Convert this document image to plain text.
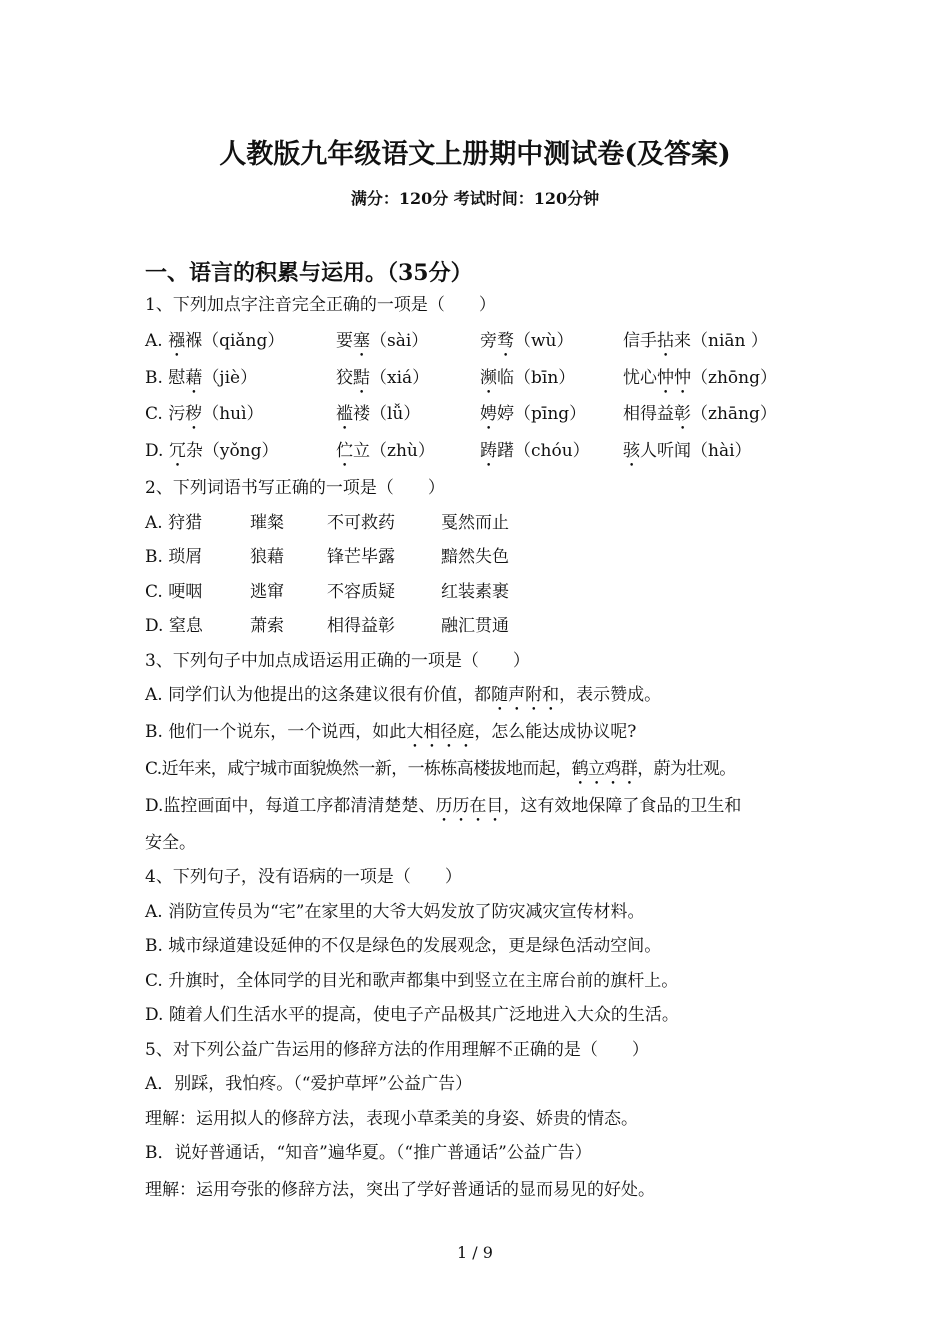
人教版九年级语文上册期中测试卷(及答案)
满分：120分 考试时间：120分钟
一、语言的积累与运用。（35分）
1、下列加点字注音完全正确的一项是（　　）
A. 襁褓（qiǎng）	要塞（sài）	旁骛（wù）	信手拈来（niān ）
B. 慰藉（jiè）	狡黠（xiá）	濒临（bīn）	忧心忡忡（zhōng）
C. 污秽（huì）	褴褛（lǚ）	娉婷（pīng） 相得益彰（zhāng）
D. 冗杂（yǒng）	伫立（zhù）	踌躇（chóu） 骇人听闻（hài）
2、下列词语书写正确的一项是（　　）
A. 狩猎	璀粲	不可救药	戛然而止
B. 琐屑	狼藉	锋芒毕露	黯然失色
C. 哽咽	逃窜	不容质疑	红装素裹
D. 窒息	萧索	相得益彰	融汇贯通
3、下列句子中加点成语运用正确的一项是（　　）
A. 同学们认为他提出的这条建议很有价值，都随声附和，表示赞成。
B. 他们一个说东，一个说西，如此大相径庭，怎么能达成协议呢?
C.近年来，咸宁城市面貌焕然一新，一栋栋高楼拔地而起，鹤立鸡群，蔚为壮观。
D.监控画面中，每道工序都清清楚楚、历历在目，这有效地保障了食品的卫生和
安全。
4、下列句子，没有语病的一项是（　　）
A. 消防宣传员为“宅”在家里的大爷大妈发放了防灾减灾宣传材料。
B. 城市绿道建设延伸的不仅是绿色的发展观念，更是绿色活动空间。
C. 升旗时，全体同学的目光和歌声都集中到竖立在主席台前的旗杆上。
D. 随着人们生活水平的提高，使电子产品极其广泛地进入大众的生活。
5、对下列公益广告运用的修辞方法的作用理解不正确的是（　　）
A．别踩，我怕疼。（“爱护草坪”公益广告）
理解：运用拟人的修辞方法，表现小草柔美的身姿、娇贵的情态。
B．说好普通话，“知音”遍华夏。（“推广普通话”公益广告）
理解：运用夸张的修辞方法，突出了学好普通话的显而易见的好处。
1 / 9
